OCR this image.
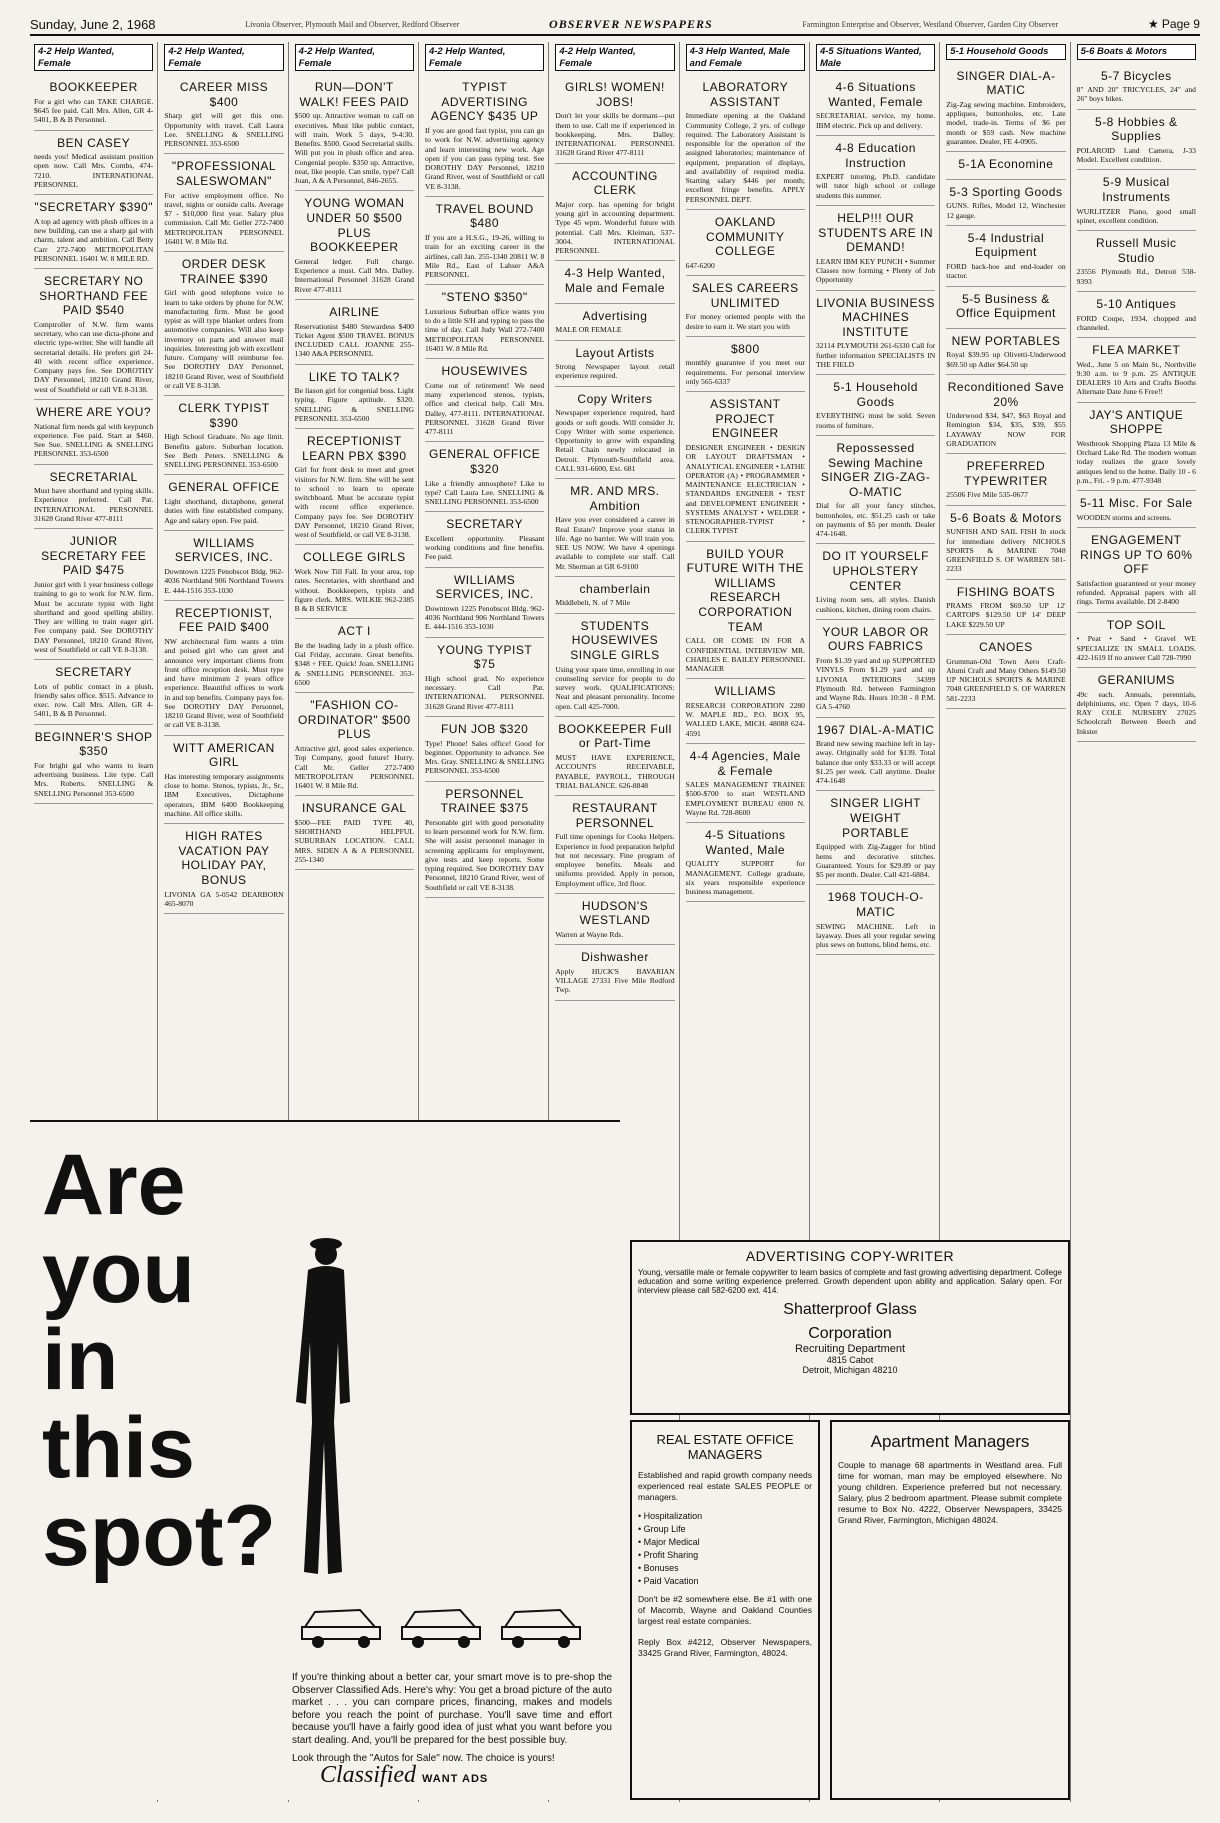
Sunday, June 2, 1968	Livonia Observer, Plymouth Mail and Observer, Redford Observer	OBSERVER NEWSPAPERS	Farmington Enterprise and Observer, Westland Observer, Garden City Observer	★ Page 9
4-2 Help Wanted, Female
BOOKKEEPER

For a girl who can TAKE CHARGE. $645 fee paid. Call Mrs. Allen, GR 4-5401, B & B Personnel.

BEN CASEY

needs you! Medical assistant position open now. Call Mrs. Combs, 474-7210. INTERNATIONAL PERSONNEL

"SECRETARY $390"

A top ad agency with plush offices in a new building, can use a sharp gal with charm, talent and ambition. Call Betty Carr 272-7400 METROPOLITAN PERSONNEL 16401 W. 8 MILE RD.

SECRETARY NO SHORTHAND FEE PAID $540

Comptroller of N.W. firm wants secretary, who can use dicta-phone and electric type-writer. She will handle all secretarial details. He prefers girl 24-40 with recent office experience. Company pays fee. See DOROTHY DAY Personnel, 18210 Grand River, west of Southfield or call VE 8-3138.

WHERE ARE YOU?

National firm needs gal with keypunch experience. Fee paid. Start at $460. See Sue. SNELLING & SNELLING PERSONNEL 353-6500

SECRETARIAL

Must have shorthand and typing skills. Experience preferred. Call Pat. INTERNATIONAL PERSONNEL 31628 Grand River 477-8111

JUNIOR SECRETARY FEE PAID $475

Junior girl with 1 year business college training to go to work for N.W. firm. Must be accurate typist with light shorthand and good spelling ability. They are willing to train eager girl. Fee company paid. See DOROTHY DAY Personnel, 18210 Grand River, west of Southfield or call VE 8-3138.

SECRETARY

Lots of public contact in a plush, friendly sales office. $515. Advance to exec. row. Call Mrs. Allen, GR 4-5401, B & B Personnel.

BEGINNER'S SHOP $350

For bright gal who wants to learn advertising business. Lite type. Call Mrs. Roberts. SNELLING & SNELLING Personnel 353-6500

4-2 Help Wanted, Female
CAREER MISS $400

Sharp girl will get this one. Opportunity with travel. Call Laura Lee. SNELLING & SNELLING PERSONNEL 353-6500

"PROFESSIONAL SALESWOMAN"

For active employment office. No travel, nights or outside calls. Average $7 - $10,000 first year. Salary plus commission. Call Mr. Geller 272-7400 METROPOLITAN PERSONNEL 16401 W. 8 Mile Rd.

ORDER DESK TRAINEE $390

Girl with good telephone voice to learn to take orders by phone for N.W. manufacturing firm. Must be good typist as will type blanket orders from automotive companies. Will also keep inventory on parts and answer mail inquiries. Interesting job with excellent future. Company will reimburse fee. See DOROTHY DAY Personnel, 18210 Grand River, west of Southfield or call VE 8-3138.

CLERK TYPIST $390

High School Graduate. No age limit. Benefits galore. Suburban location. See Beth Peters. SNELLING & SNELLING PERSONNEL 353-6500

GENERAL OFFICE

Light shorthand, dictaphone, general duties with fine established company. Age and salary open. Fee paid.

WILLIAMS SERVICES, INC.

Downtown 1225 Penobscot Bldg. 962-4036 Northland 906 Northland Towers E. 444-1516 353-1030

RECEPTIONIST, FEE PAID $400

NW architectural firm wants a trim and poised girl who can greet and announce very important clients from front office reception desk. Must type and have minimum 2 years office experience. Beautiful offices to work in and top benefits. Company pays fee. See DOROTHY DAY Personnel, 18210 Grand River, west of Southfield or call VE 8-3138.

WITT AMERICAN GIRL

Has interesting temporary assignments close to home. Stenos, typists, Jr., Sr., IBM Executives, Dictaphone operators, IBM 6400 Bookkeeping machine. All office skills.

HIGH RATES VACATION PAY HOLIDAY PAY, BONUS

LIVONIA GA 5-0542 DEARBORN 465-8070

4-2 Help Wanted, Female
RUN—DON'T WALK! FEES PAID

$500 up. Attractive woman to call on executives. Must like public contact, will train. Work 5 days, 9-4:30. Benefits. $500. Good Secretarial skills. Will put you in plush office and area. Congenial people. $350 up. Attractive, neat, like people. Can smile, type? Call Joan, A & A Personnel, 846-2655.

YOUNG WOMAN UNDER 50 $500 PLUS BOOKKEEPER

General ledger. Full charge. Experience a must. Call Mrs. Dalley. International Personnel 31628 Grand River 477-8111

AIRLINE

Reservationist $480 Stewardess $400 Ticket Agent $500 TRAVEL BONUS INCLUDED CALL JOANNE 255-1340 A&A PERSONNEL

LIKE TO TALK?

Be liason girl for congenial boss. Light typing. Figure aptitude. $320. SNELLING & SNELLING PERSONNEL 353-6500

RECEPTIONIST LEARN PBX $390

Girl for front desk to meet and greet visitors for N.W. firm. She will be sent to school to learn to operate switchboard. Must be accurate typist with recent office experience. Company pays fee. See DOROTHY DAY Personnel, 18210 Grand River, west of Southfield, or call VE 8-3138.

COLLEGE GIRLS

Work Now Till Fall. In your area, top rates. Secretaries, with shorthand and without. Bookkeepers, typists and figure clerk. MRS. WILKIE 962-2385 B & B SERVICE

ACT I

Be the leading lady in a plush office. Gal Friday, accurate. Great benefits. $348 + FEE. Quick! Joan. SNELLING & SNELLING PERSONNEL 353-6500

"FASHION CO-ORDINATOR" $500 PLUS

Attractive girl, good sales experience. Top Company, good future! Hurry. Call Mr. Geller 272-7400 METROPOLITAN PERSONNEL 16401 W. 8 Mile Rd.

INSURANCE GAL

$500—FEE PAID TYPE 40, SHORTHAND HELPFUL SUBURBAN LOCATION. CALL MRS. SIDEN A & A PERSONNEL 255-1340

4-2 Help Wanted, Female
TYPIST ADVERTISING AGENCY $435 UP

If you are good fast typist, you can go to work for N.W. advertising agency and learn interesting new work. Age open if you can pass typing test. See DOROTHY DAY Personnel, 18210 Grand River, west of Southfield or call VE 8-3138.

TRAVEL BOUND $480

If you are a H.S.G., 19-26, willing to train for an exciting career in the airlines, call Jan. 255-1340 20811 W. 8 Mile Rd., East of Lahser A&A PERSONNEL

"STENO $350"

Luxurious Suburban office wants you to do a little S/H and typing to pass the time of day. Call Judy Wall 272-7400 METROPOLITAN PERSONNEL 16401 W. 8 Mile Rd.

HOUSEWIVES

Come out of retirement! We need many experienced stenos, typists, office and clerical help. Call Mrs. Dalley, 477-8111. INTERNATIONAL PERSONNEL 31628 Grand River 477-8111

GENERAL OFFICE $320

Like a friendly atmosphere? Like to type? Call Laura Lee. SNELLING & SNELLING PERSONNEL 353-6500

SECRETARY

Excellent opportunity. Pleasant working conditions and fine benefits. Fee paid.

WILLIAMS SERVICES, INC.

Downtown 1225 Penobscot Bldg. 962-4036 Northland 906 Northland Towers E. 444-1516 353-1030

YOUNG TYPIST $75

High school grad. No experience necessary. Call Pat. INTERNATIONAL PERSONNEL 31628 Grand River 477-8111

FUN JOB $320

Type! Phone! Sales office! Good for beginner. Opportunity to advance. See Mrs. Gray. SNELLING & SNELLING PERSONNEL 353-6500

PERSONNEL TRAINEE $375

Personable girl with good personality to learn personnel work for N.W. firm. She will assist personnel manager in screening applicants for employment, give tests and keep reports. Some typing required. See DOROTHY DAY Personnel, 18210 Grand River, west of Southfield or call VE 8-3138.

4-2 Help Wanted, Female
GIRLS! WOMEN! JOBS!

Don't let your skills be dormant—put them to use. Call me if experienced in bookkeeping. Mrs. Dalley. INTERNATIONAL PERSONNEL 31628 Grand River 477-8111

ACCOUNTING CLERK

Major corp. has opening for bright young girl in accounting department. Type 45 wpm. Wonderful future with potential. Call Mrs. Kleiman, 537-3004. INTERNATIONAL PERSONNEL

4-3 Help Wanted, Male and Female

Advertising

MALE OR FEMALE

Layout Artists

Strong Newspaper layout retail experience required.

Copy Writers

Newspaper experience required, hard goods or soft goods. Will consider Jr. Copy Writer with some experience. Opportunity to grow with expanding Retail Chain newly relocated in Detroit. Plymouth-Southfield area. CALL 931-6600, Ext. 681

MR. AND MRS. Ambition

Have you ever considered a career in Real Estate? Improve your status in life. Age no barrier. We will train you. SEE US NOW. We have 4 openings available to complete our staff. Call Mr. Sherman at GR 6-9100

chamberlain

Middlebelt, N. of 7 Mile

STUDENTS HOUSEWIVES SINGLE GIRLS

Using your spare time, enrolling in our counseling service for people to do survey work. QUALIFICATIONS: Neat and pleasant personality. Income open. Call 425-7000.

BOOKKEEPER Full or Part-Time

MUST HAVE EXPERIENCE, ACCOUNTS RECEIVABLE, PAYABLE, PAYROLL, THROUGH TRIAL BALANCE. 626-8848

RESTAURANT PERSONNEL

Full time openings for Cooks Helpers. Experience in food preparation helpful but not necessary. Fine program of employee benefits. Meals and uniforms provided. Apply in person, Employment office, 3rd floor.

HUDSON'S WESTLAND

Warren at Wayne Rds.

Dishwasher

Apply HUCK'S BAVARIAN VILLAGE 27331 Five Mile Redford Twp.

4-3 Help Wanted, Male and Female
LABORATORY ASSISTANT

Immediate opening at the Oakland Community College, 2 yrs. of college required. The Laboratory Assistant is responsible for the operation of the assigned laboratories; maintenance of equipment, preparation of displays, and availability of required media. Starting salary $446 per month; excellent fringe benefits. APPLY PERSONNEL DEPT.

OAKLAND COMMUNITY COLLEGE

647-6200

SALES CAREERS UNLIMITED

For money oriented people with the desire to earn it. We start you with

$800

monthly guarantee if you meet our requirements. For personal interview only 565-6337

ASSISTANT PROJECT ENGINEER

DESIGNER ENGINEER • DESIGN OR LAYOUT DRAFTSMAN • ANALYTICAL ENGINEER • LATHE OPERATOR (A) • PROGRAMMER • MAINTENANCE ELECTRICIAN • STANDARDS ENGINEER • TEST and DEVELOPMENT ENGINEER • SYSTEMS ANALYST • WELDER • STENOGRAPHER-TYPIST • CLERK TYPIST

BUILD YOUR FUTURE WITH THE WILLIAMS RESEARCH CORPORATION TEAM

CALL OR COME IN FOR A CONFIDENTIAL INTERVIEW MR. CHARLES E. BAILEY PERSONNEL MANAGER

WILLIAMS

RESEARCH CORPORATION 2280 W. MAPLE RD., P.O. BOX 95, WALLED LAKE, MICH. 48088 624-4591

4-4 Agencies, Male & Female

SALES MANAGEMENT TRAINEE $500-$700 to start WESTLAND EMPLOYMENT BUREAU 6900 N. Wayne Rd. 728-8600

4-5 Situations Wanted, Male

QUALITY SUPPORT for MANAGEMENT. College graduate, six years responsible experience business management.

4-5 Situations Wanted, Male
4-6 Situations Wanted, Female

SECRETARIAL service, my home. IBM electric. Pick up and delivery.

4-8 Education Instruction

EXPERT tutoring, Ph.D. candidate will tutor high school or college students this summer.

HELP!!! OUR STUDENTS ARE IN DEMAND!

LEARN IBM KEY PUNCH • Summer Classes now forming • Plenty of Job Opportunity

LIVONIA BUSINESS MACHINES INSTITUTE

32114 PLYMOUTH 261-6330 Call for further information SPECIALISTS IN THE FIELD

5-1 Household Goods

EVERYTHING must be sold. Seven rooms of furniture.

Repossessed Sewing Machine SINGER ZIG-ZAG-O-MATIC

Dial for all your fancy stitches, buttonholes, etc. $51.25 cash or take on payments of $5 per month. Dealer 474-1648.

DO IT YOURSELF UPHOLSTERY CENTER

Living room sets, all styles. Danish cushions, kitchen, dining room chairs.

YOUR LABOR OR OURS FABRICS

From $1.39 yard and up SUPPORTED VINYLS From $1.29 yard and up LIVONIA INTERIORS 34399 Plymouth Rd. between Farmington and Wayne Rds. Hours 10:30 - 8 P.M. GA 5-4760

1967 DIAL-A-MATIC

Brand new sewing machine left in lay-away. Originally sold for $139. Total balance due only $33.33 or will accept $1.25 per week. Call anytime. Dealer 474-1648

SINGER LIGHT WEIGHT PORTABLE

Equipped with Zig-Zagger for blind hems and decorative stitches. Guaranteed. Yours for $29.89 or pay $5 per month. Dealer. Call 421-6884.

1968 TOUCH-O-MATIC

SEWING MACHINE. Left in layaway. Does all your regular sewing plus sews on buttons, blind hems, etc.

5-1 Household Goods
SINGER DIAL-A-MATIC

Zig-Zag sewing machine. Embroiders, appliques, buttonholes, etc. Late model, trade-in. Terms of $6 per month or $59 cash. New machine guarantee. Dealer, FE 4-0905.

5-1A Economine

5-3 Sporting Goods

GUNS. Rifles, Model 12, Winchester 12 gauge.

5-4 Industrial Equipment

FORD back-hoe and end-loader on tractor.

5-5 Business & Office Equipment

NEW PORTABLES

Royal $39.95 up Olivetti-Underwood $69.50 up Adler $64.50 up

Reconditioned Save 20%

Underwood $34, $47, $63 Royal and Remington $34, $35, $39, $55 LAYAWAY NOW FOR GRADUATION

PREFERRED TYPEWRITER

25506 Five Mile 535-0677

5-6 Boats & Motors

SUNFISH AND SAIL FISH In stock for immediate delivery NICHOLS SPORTS & MARINE 7048 GREENFIELD S. OF WARREN 581-2233

FISHING BOATS

PRAMS FROM $69.50 UP 12' CARTOPS $129.50 UP 14' DEEP LAKE $229.50 UP

CANOES

Grumman-Old Town Aero Craft-Alumi Craft and Many Others $149.50 UP NICHOLS SPORTS & MARINE 7048 GREENFIELD S. OF WARREN 581-2233

5-6 Boats & Motors
5-7 Bicycles

8" AND 20" TRICYCLES, 24" and 26" boys bikes.

5-8 Hobbies & Supplies

POLAROID Land Camera, J-33 Model. Excellent condition.

5-9 Musical Instruments

WURLITZER Piano, good small spinet, excellent condition.

Russell Music Studio

23556 Plymouth Rd., Detroit 538-9393

5-10 Antiques

FORD Coupe, 1934, chopped and channeled.

FLEA MARKET

Wed., June 5 on Main St., Northville 9:30 a.m. to 9 p.m. 25 ANTIQUE DEALERS 10 Arts and Crafts Booths Alternate Date June 6 Free!!

JAY'S ANTIQUE SHOPPE

Westbrook Shopping Plaza 13 Mile & Orchard Lake Rd. The modern woman today realizes the grace lovely antiques lend to the home. Daily 10 - 6 p.m., Fri. - 9 p.m. 477-9348

5-11 Misc. For Sale

WOODEN storms and screens.

ENGAGEMENT RINGS UP TO 60% OFF

Satisfaction guaranteed or your money refunded. Appraisal papers with all rings. Terms available. DI 2-8400

TOP SOIL

• Peat • Sand • Gravel WE SPECIALIZE IN SMALL LOADS. 422-1619 If no answer Call 728-7990

GERANIUMS

49c each. Annuals, perennials, delphiniums, etc. Open 7 days, 10-6 RAY COLE NURSERY 27025 Schoolcraft Between Beech and Inkster

Are
you
in
this
spot?
If you're thinking about a better car, your smart move is to pre-shop the Observer Classified Ads. Here's why: You get a broad picture of the auto market . . . you can compare prices, financing, makes and models before you reach the point of purchase. You'll save time and effort because you'll have a fairly good idea of just what you want before you start dealing. And, you'll be prepared for the best possible buy.
Look through the "Autos for Sale" now. The choice is yours!
Classified WANT ADS
ADVERTISING COPY-WRITER

Young, versatile male or female copywriter to learn basics of complete and fast growing advertising department. College education and some writing experience preferred. Growth dependent upon ability and application. Salary open. For interview please call 582-6200 ext. 414.

Shatterproof Glass
Corporation
Recruiting Department
4815 Cabot
Detroit, Michigan 48210
REAL ESTATE OFFICE MANAGERS

Established and rapid growth company needs experienced real estate SALES PEOPLE or managers.

• Hospitalization
• Group Life
• Major Medical
• Profit Sharing
• Bonuses
• Paid Vacation

Don't be #2 somewhere else. Be #1 with one of Macomb, Wayne and Oakland Counties largest real estate companies.

Reply Box #4212, Observer Newspapers, 33425 Grand River, Farmington, 48024.

Apartment Managers

Couple to manage 68 apartments in Westland area. Full time for woman, man may be employed elsewhere. No young children. Experience preferred but not necessary. Salary, plus 2 bedroom apartment. Please submit complete resume to Box No. 4222, Observer Newspapers, 33425 Grand River, Farmington, Michigan 48024.
